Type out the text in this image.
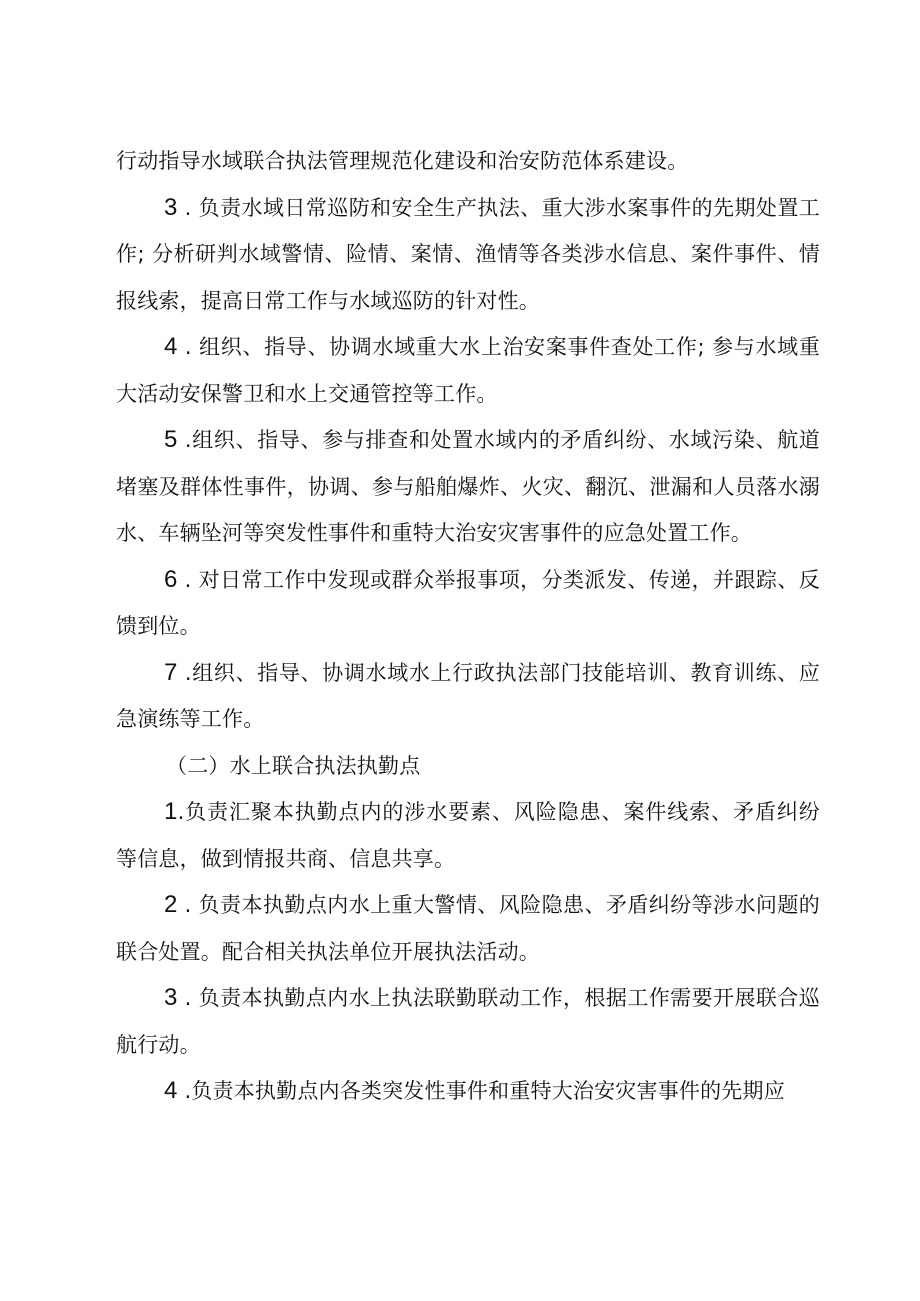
行动指导水域联合执法管理规范化建设和治安防范体系建设。

3 . 负责水域日常巡防和安全生产执法、重大涉水案事件的先期处置工作; 分析研判水域警情、险情、案情、渔情等各类涉水信息、案件事件、情报线索，提高日常工作与水域巡防的针对性。

4 . 组织、指导、协调水域重大水上治安案事件查处工作; 参与水域重大活动安保警卫和水上交通管控等工作。

5 .组织、指导、参与排查和处置水域内的矛盾纠纷、水域污染、航道堵塞及群体性事件，协调、参与船舶爆炸、火灾、翻沉、泄漏和人员落水溺水、车辆坠河等突发性事件和重特大治安灾害事件的应急处置工作。

6 . 对日常工作中发现或群众举报事项，分类派发、传递，并跟踪、反馈到位。

7 .组织、指导、协调水域水上行政执法部门技能培训、教育训练、应急演练等工作。

（二）水上联合执法执勤点

1.负责汇聚本执勤点内的涉水要素、风险隐患、案件线索、矛盾纠纷等信息，做到情报共商、信息共享。

2 . 负责本执勤点内水上重大警情、风险隐患、矛盾纠纷等涉水问题的联合处置。配合相关执法单位开展执法活动。

3 . 负责本执勤点内水上执法联勤联动工作，根据工作需要开展联合巡航行动。

4 .负责本执勤点内各类突发性事件和重特大治安灾害事件的先期应
